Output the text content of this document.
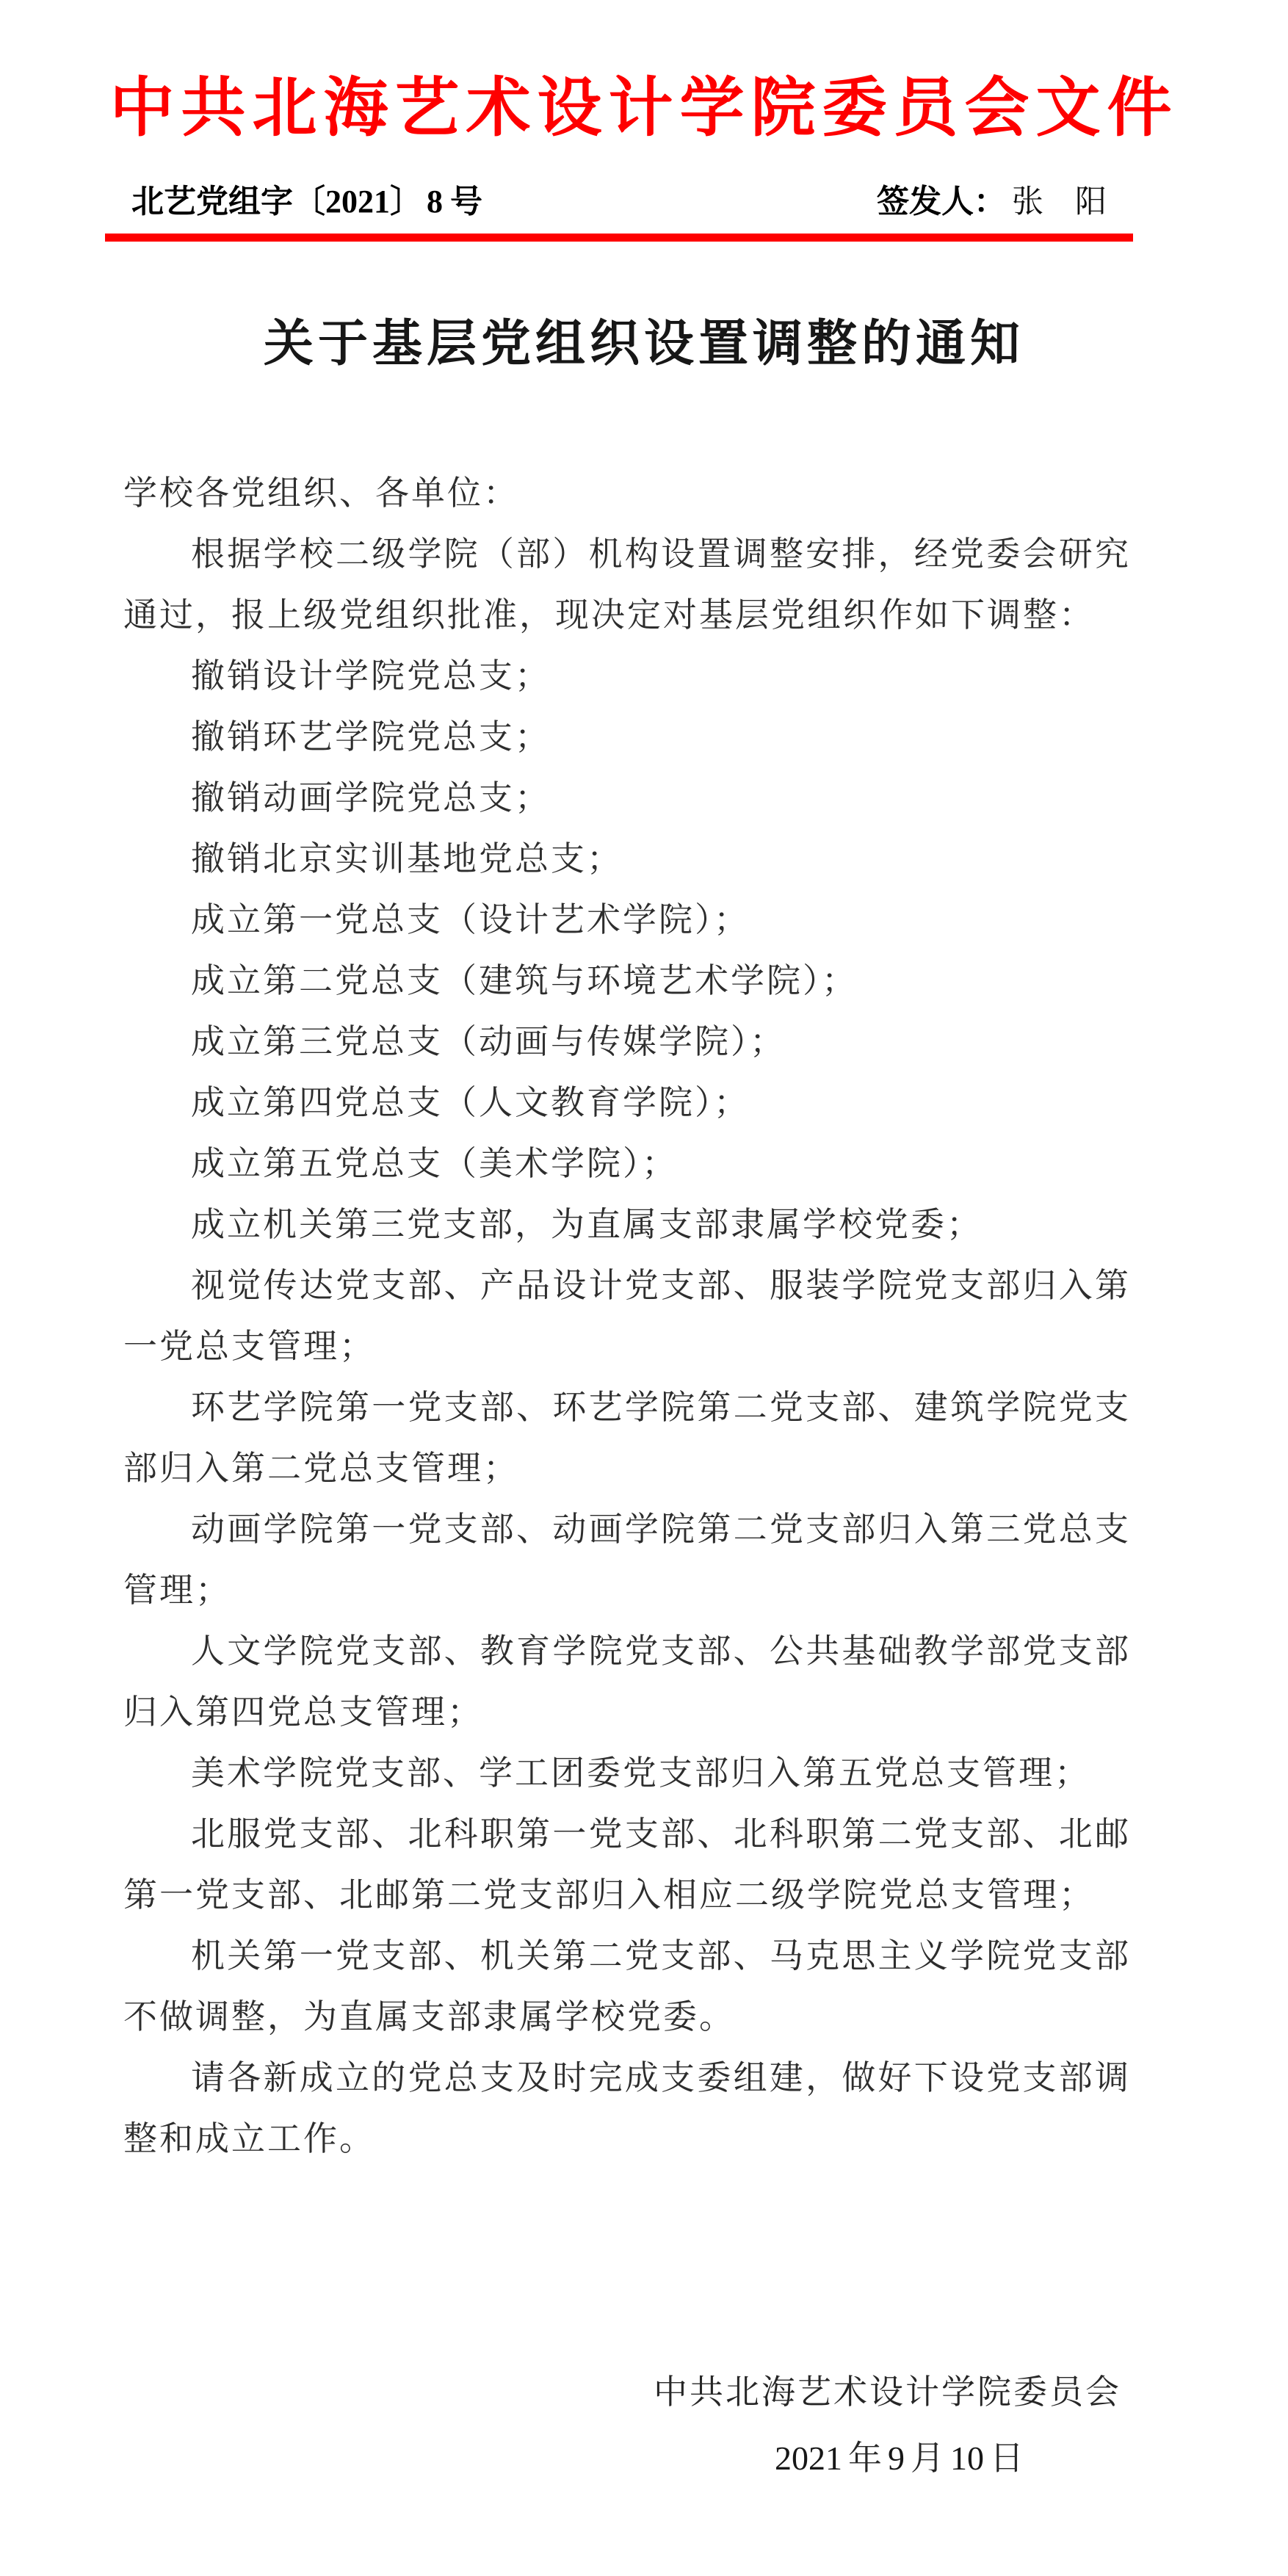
中共北海艺术设计学院委员会文件
北艺党组字〔2021〕 8 号	签发人： 张　阳
关于基层党组织设置调整的通知

学校各党组织、各单位：

根据学校二级学院（部）机构设置调整安排，经党委会研究通过，报上级党组织批准，现决定对基层党组织作如下调整：

撤销设计学院党总支；

撤销环艺学院党总支；

撤销动画学院党总支；

撤销北京实训基地党总支；

成立第一党总支（设计艺术学院）；

成立第二党总支（建筑与环境艺术学院）；

成立第三党总支（动画与传媒学院）；

成立第四党总支（人文教育学院）；

成立第五党总支（美术学院）；

成立机关第三党支部，为直属支部隶属学校党委；

视觉传达党支部、产品设计党支部、服装学院党支部归入第一党总支管理；

环艺学院第一党支部、环艺学院第二党支部、建筑学院党支部归入第二党总支管理；

动画学院第一党支部、动画学院第二党支部归入第三党总支管理；

人文学院党支部、教育学院党支部、公共基础教学部党支部归入第四党总支管理；

美术学院党支部、学工团委党支部归入第五党总支管理；

北服党支部、北科职第一党支部、北科职第二党支部、北邮第一党支部、北邮第二党支部归入相应二级学院党总支管理；

机关第一党支部、机关第二党支部、马克思主义学院党支部不做调整，为直属支部隶属学校党委。

请各新成立的党总支及时完成支委组建，做好下设党支部调整和成立工作。

中共北海艺术设计学院委员会
2021 年 9 月 10 日
